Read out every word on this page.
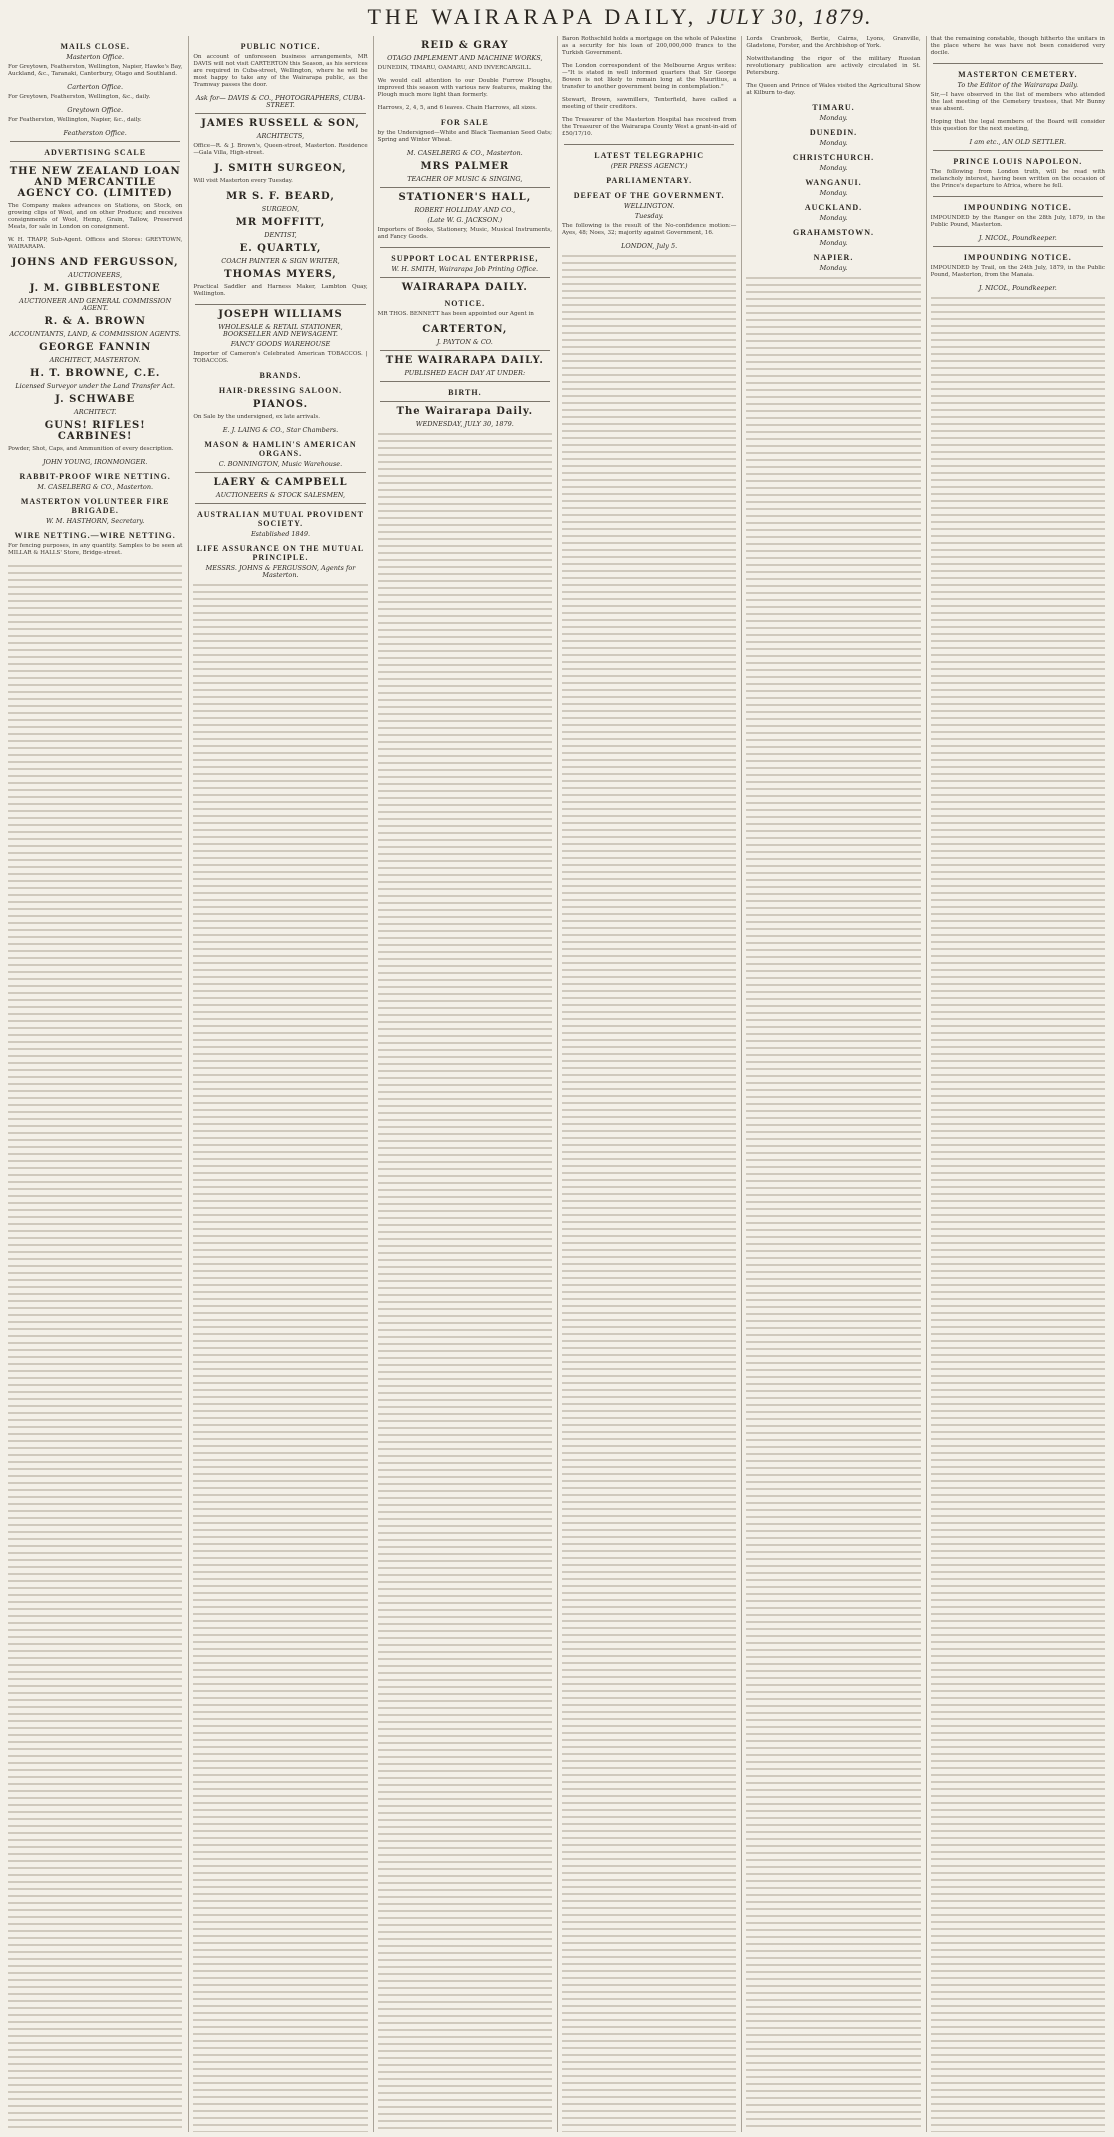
THE WAIRARAPA DAILY, JULY 30, 1879.
MAILS CLOSE.
Masterton Office.
For Greytown, Featherston, Wellington, Napier, Hawke's Bay, Auckland, &c., Taranaki, Canterbury, Otago and Southland.
Carterton Office.
For Greytown, Featherston, Wellington, &c., daily.
Greytown Office.
For Featherston, Wellington, Napier, &c., daily.
Featherston Office.
ADVERTISING SCALE
THE NEW ZEALAND LOAN AND MERCANTILE AGENCY CO. (LIMITED)
The Company makes advances on Stations, on Stock, on growing clips of Wool, and on other Produce; and receives consignments of Wool, Hemp, Grain, Tallow, Preserved Meats, for sale in London on consignment.
W. H. TRAPP, Sub-Agent. Offices and Stores: GREYTOWN, WAIRARAPA.
JOHNS AND FERGUSSON,
AUCTIONEERS,
J. M. GIBBLESTONE
AUCTIONEER AND GENERAL COMMISSION AGENT.
R. & A. BROWN
ACCOUNTANTS, LAND, & COMMISSION AGENTS.
GEORGE FANNIN
ARCHITECT, MASTERTON.
H. T. BROWNE, C.E.
Licensed Surveyor under the Land Transfer Act.
J. SCHWABE
ARCHITECT.
GUNS! RIFLES! CARBINES!
Powder, Shot, Caps, and Ammunition of every description.
JOHN YOUNG, IRONMONGER.
RABBIT-PROOF WIRE NETTING.
M. CASELBERG & CO., Masterton.
MASTERTON VOLUNTEER FIRE BRIGADE.
W. M. HASTHORN, Secretary.
WIRE NETTING.—WIRE NETTING.
For fencing purposes, in any quantity. Samples to be seen at MILLAR & HALLS' Store, Bridge-street.
PUBLIC NOTICE.
On account of unforeseen business arrangements, MR DAVIS will not visit CARTERTON this Season, as his services are required in Cuba-street, Wellington, where he will be most happy to take any of the Wairarapa public, as the Tramway passes the door.
Ask for— DAVIS & CO., PHOTOGRAPHERS, CUBA-STREET.
JAMES RUSSELL & SON,
ARCHITECTS,
Office—R. & J. Brown's, Queen-street, Masterton. Residence—Gala Villa, High-street.
J. SMITH SURGEON,
Will visit Masterton every Tuesday.
MR S. F. BEARD,
SURGEON,
MR MOFFITT,
DENTIST,
E. QUARTLY,
COACH PAINTER & SIGN WRITER,
THOMAS MYERS,
Practical Saddler and Harness Maker, Lambton Quay, Wellington.
JOSEPH WILLIAMS
WHOLESALE & RETAIL STATIONER, BOOKSELLER AND NEWSAGENT.
FANCY GOODS WAREHOUSE
Importer of Cameron's Celebrated American TOBACCOS. | TOBACCOS.
BRANDS.
HAIR-DRESSING SALOON.
PIANOS.
On Sale by the undersigned, ex late arrivals.
E. J. LAING & CO., Star Chambers.
MASON & HAMLIN'S AMERICAN ORGANS.
C. BONNINGTON, Music Warehouse.
LAERY & CAMPBELL
AUCTIONEERS & STOCK SALESMEN,
AUSTRALIAN MUTUAL PROVIDENT SOCIETY.
Established 1849.
LIFE ASSURANCE ON THE MUTUAL PRINCIPLE.
MESSRS. JOHNS & FERGUSSON, Agents for Masterton.
REID & GRAY
OTAGO IMPLEMENT AND MACHINE WORKS,
DUNEDIN, TIMARU, OAMARU, AND INVERCARGILL.
We would call attention to our Double Furrow Ploughs, improved this season with various new features, making the Plough much more light than formerly.
Harrows, 2, 4, 5, and 6 leaves. Chain Harrows, all sizes.
FOR SALE
by the Undersigned—White and Black Tasmanian Seed Oats; Spring and Winter Wheat.
M. CASELBERG & CO., Masterton.
MRS PALMER
TEACHER OF MUSIC & SINGING,
STATIONER'S HALL,
ROBERT HOLLIDAY AND CO.,
(Late W. G. JACKSON.)
Importers of Books, Stationery, Music, Musical Instruments, and Fancy Goods.
SUPPORT LOCAL ENTERPRISE,
W. H. SMITH, Wairarapa Job Printing Office.
WAIRARAPA DAILY.
NOTICE.
MR THOS. BENNETT has been appointed our Agent in
CARTERTON,
J. PAYTON & CO.
THE WAIRARAPA DAILY.
PUBLISHED EACH DAY AT UNDER:
BIRTH.
The Wairarapa Daily.
WEDNESDAY, JULY 30, 1879.
Baron Rothschild holds a mortgage on the whole of Palestine as a security for his loan of 200,000,000 francs to the Turkish Government.
The London correspondent of the Melbourne Argus writes:—"It is stated in well informed quarters that Sir George Bowen is not likely to remain long at the Mauritius, a transfer to another government being in contemplation."
Stewart, Brown, sawmillers, Tenterfield, have called a meeting of their creditors.
The Treasurer of the Masterton Hospital has received from the Treasurer of the Wairarapa County West a grant-in-aid of £50/17/10.
LATEST TELEGRAPHIC
(PER PRESS AGENCY.)
PARLIAMENTARY.
DEFEAT OF THE GOVERNMENT.
WELLINGTON.
Tuesday.
The following is the result of the No-confidence motion:—Ayes, 48; Noes, 32; majority against Government, 16.
LONDON, July 5.
Lords Cranbrook, Bertie, Cairns, Lyons, Granville, Gladstone, Forster, and the Archbishop of York.
Notwithstanding the rigor of the military Russian revolutionary publication are actively circulated in St. Petersburg.
The Queen and Prince of Wales visited the Agricultural Show at Kilburn to-day.
TIMARU.
Monday.
DUNEDIN.
Monday.
CHRISTCHURCH.
Monday.
WANGANUI.
Monday.
AUCKLAND.
Monday.
GRAHAMSTOWN.
Monday.
NAPIER.
Monday.
that the remaining constable, though hitherto the unitars in the place where he was have not been considered very docile.
MASTERTON CEMETERY.
To the Editor of the Wairarapa Daily.
Sir,—I have observed in the list of members who attended the last meeting of the Cemetery trustees, that Mr Bunny was absent.
Hoping that the legal members of the Board will consider this question for the next meeting,
I am etc., AN OLD SETTLER.
PRINCE LOUIS NAPOLEON.
The following from London truth, will be read with melancholy interest, having been written on the occasion of the Prince's departure to Africa, where he fell.
IMPOUNDING NOTICE.
IMPOUNDED by the Ranger on the 28th July, 1879, in the Public Pound, Masterton.
J. NICOL, Poundkeeper.
IMPOUNDING NOTICE.
IMPOUNDED by Trail, on the 24th July, 1879, in the Public Pound, Masterton, from the Manaia.
J. NICOL, Poundkeeper.
